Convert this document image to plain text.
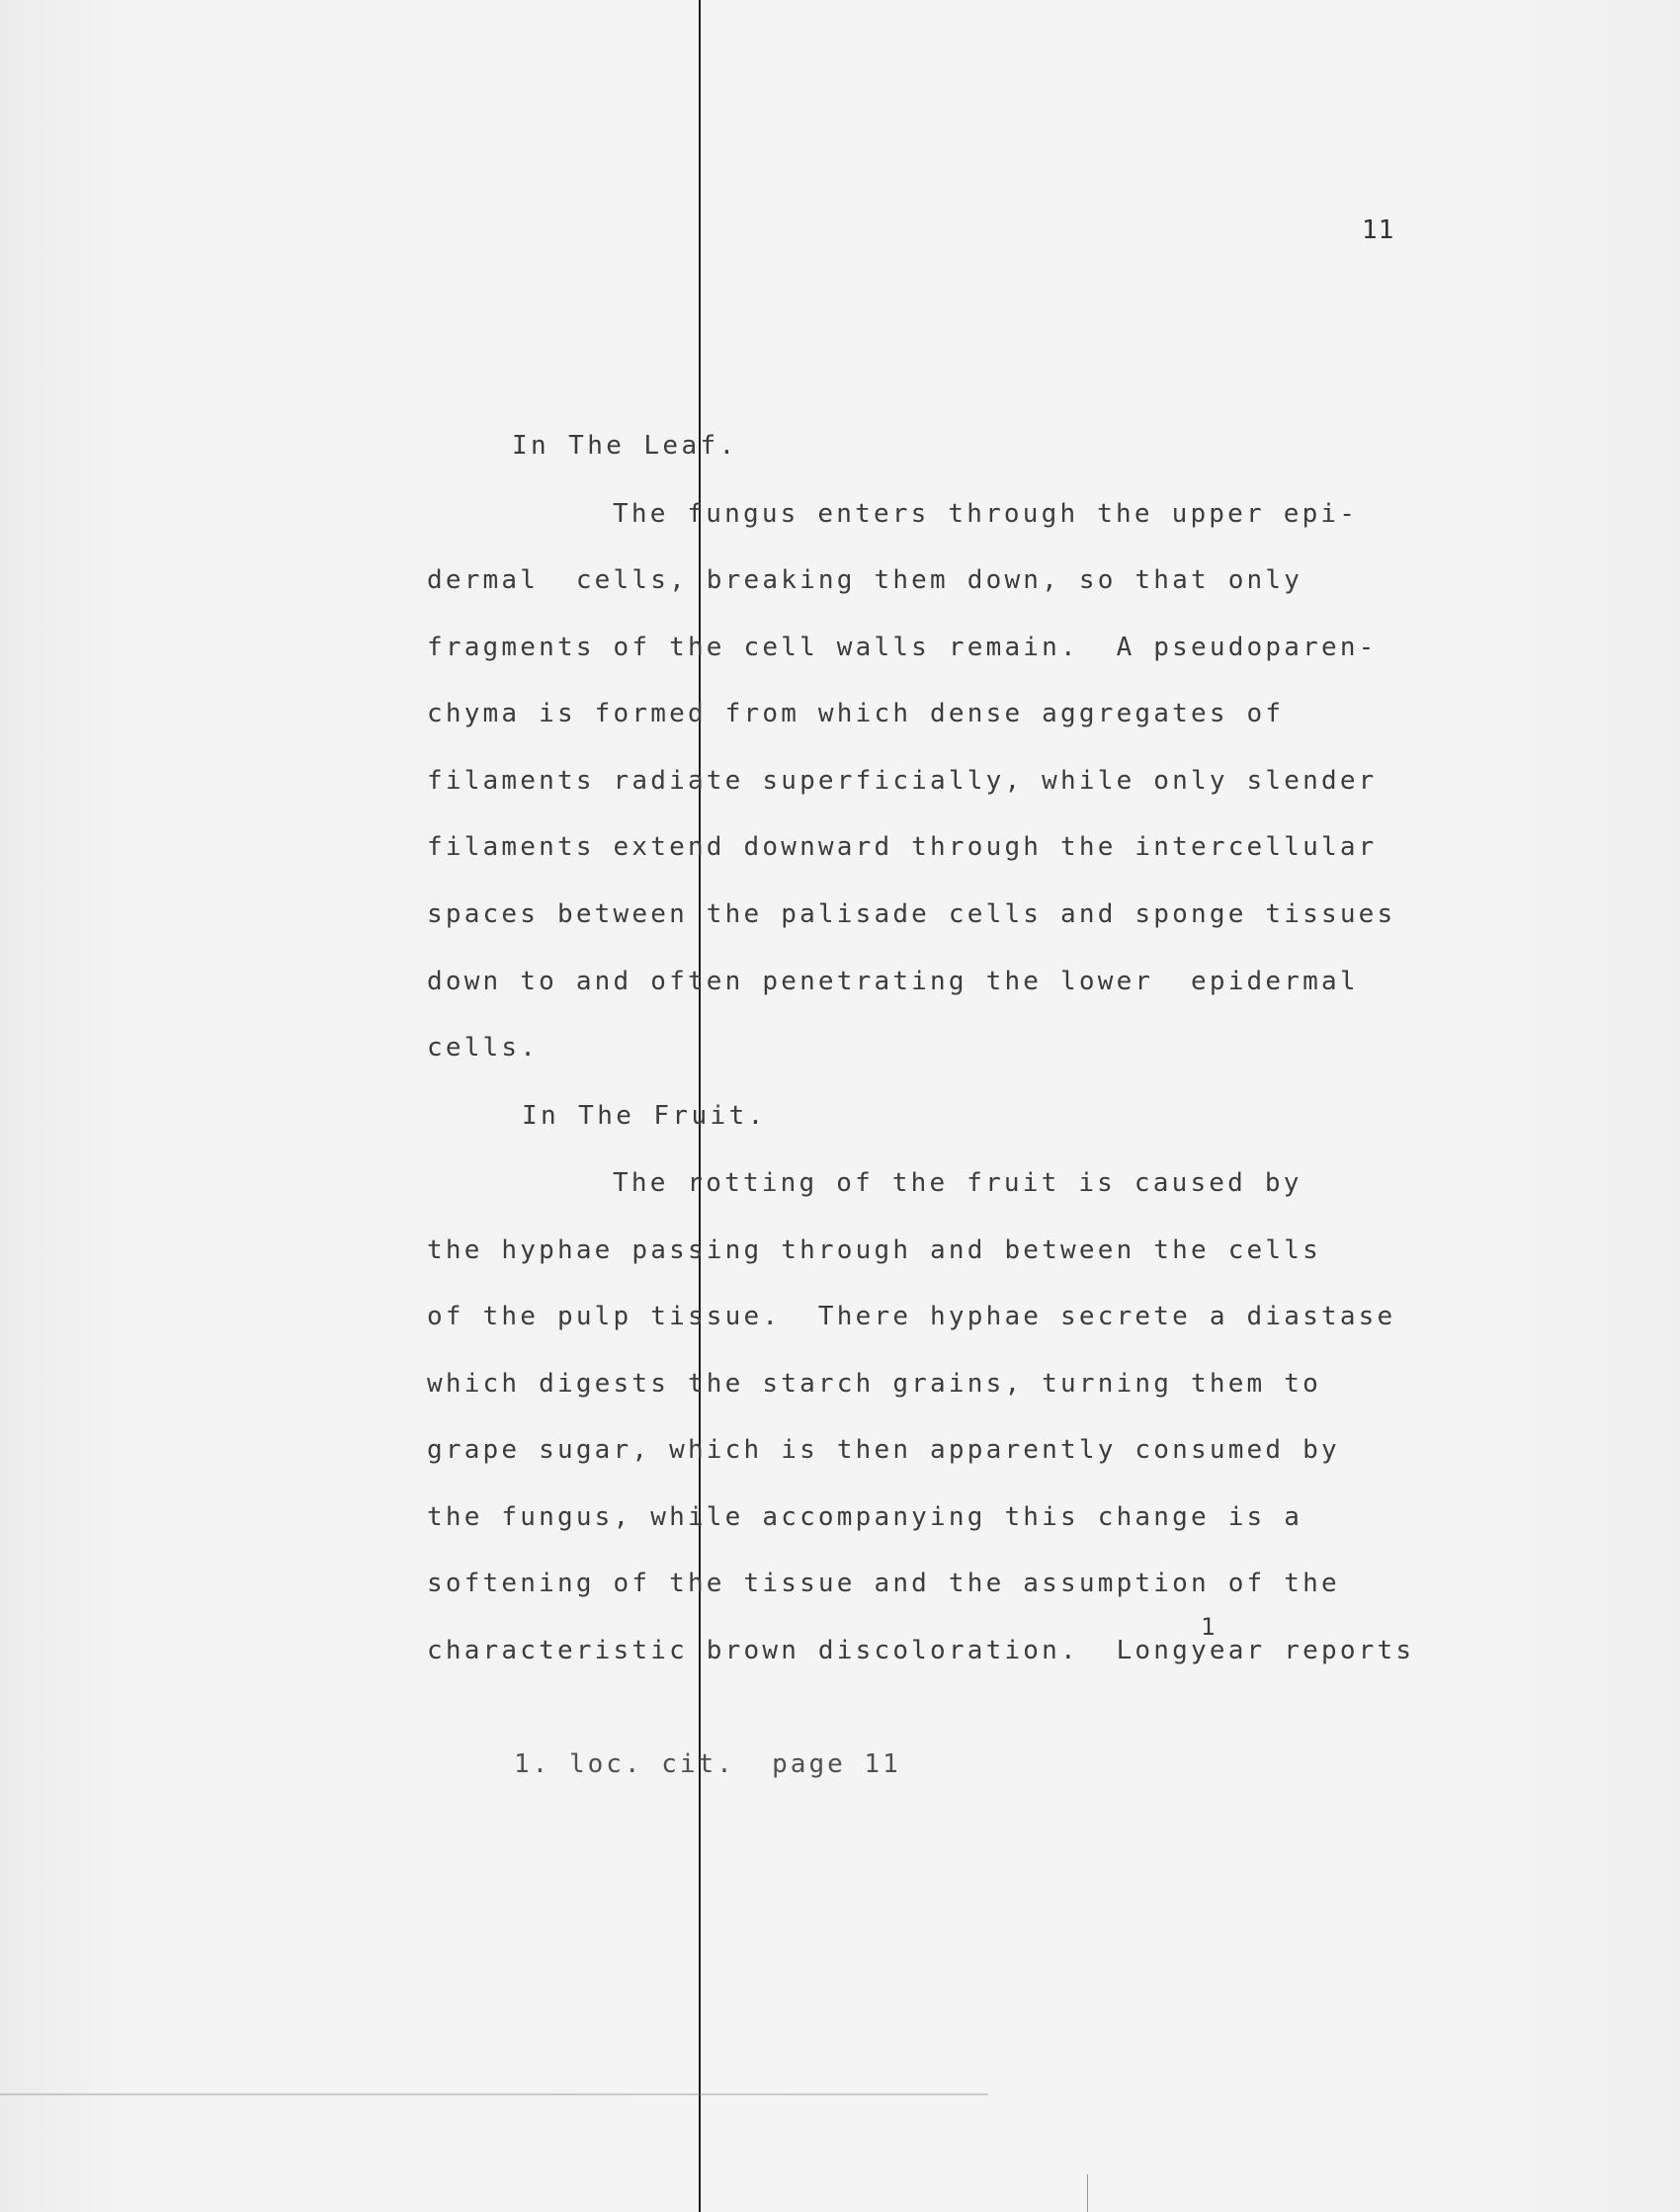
11
In The Leaf.
The fungus enters through the upper epi-
dermal  cells, breaking them down, so that only
fragments of the cell walls remain.  A pseudoparen-
chyma is formed from which dense aggregates of
filaments radiate superficially, while only slender
filaments extend downward through the intercellular
spaces between the palisade cells and sponge tissues
down to and often penetrating the lower  epidermal
cells.
In The Fruit.
The rotting of the fruit is caused by
the hyphae passing through and between the cells
of the pulp tissue.  There hyphae secrete a diastase
which digests the starch grains, turning them to
grape sugar, which is then apparently consumed by
the fungus, while accompanying this change is a
softening of the tissue and the assumption of the
1
characteristic brown discoloration.  Longyear reports
1. loc. cit.  page 11
